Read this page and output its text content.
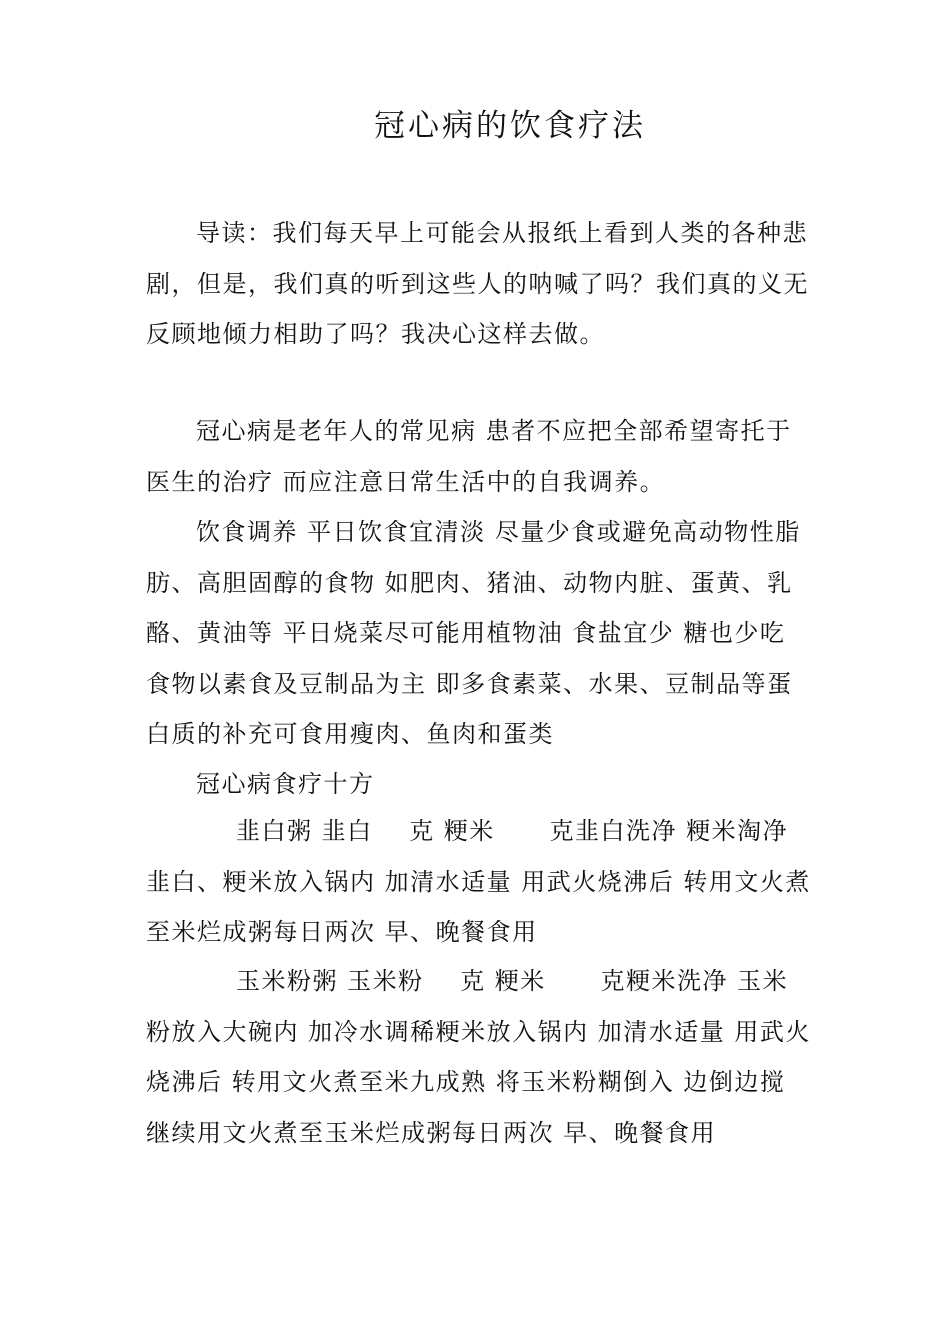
冠心病的饮食疗法

导读：我们每天早上可能会从报纸上看到人类的各种悲剧，但是，我们真的听到这些人的呐喊了吗？我们真的义无反顾地倾力相助了吗？我决心这样去做。

冠心病是老年人的常见病 患者不应把全部希望寄托于医生的治疗 而应注意日常生活中的自我调养。

饮食调养 平日饮食宜清淡 尽量少食或避免高动物性脂肪、高胆固醇的食物 如肥肉、猪油、动物内脏、蛋黄、乳酪、黄油等 平日烧菜尽可能用植物油 食盐宜少 糖也少吃 食物以素食及豆制品为主 即多食素菜、水果、豆制品等蛋白质的补充可食用瘦肉、鱼肉和蛋类

冠心病食疗十方

韭白粥 韭白    克 粳米      克韭白洗净 粳米淘净韭白、粳米放入锅内 加清水适量 用武火烧沸后 转用文火煮至米烂成粥每日两次 早、晚餐食用

玉米粉粥 玉米粉    克 粳米      克粳米洗净 玉米粉放入大碗内 加冷水调稀粳米放入锅内 加清水适量 用武火烧沸后 转用文火煮至米九成熟 将玉米粉糊倒入 边倒边搅 继续用文火煮至玉米烂成粥每日两次 早、晚餐食用
